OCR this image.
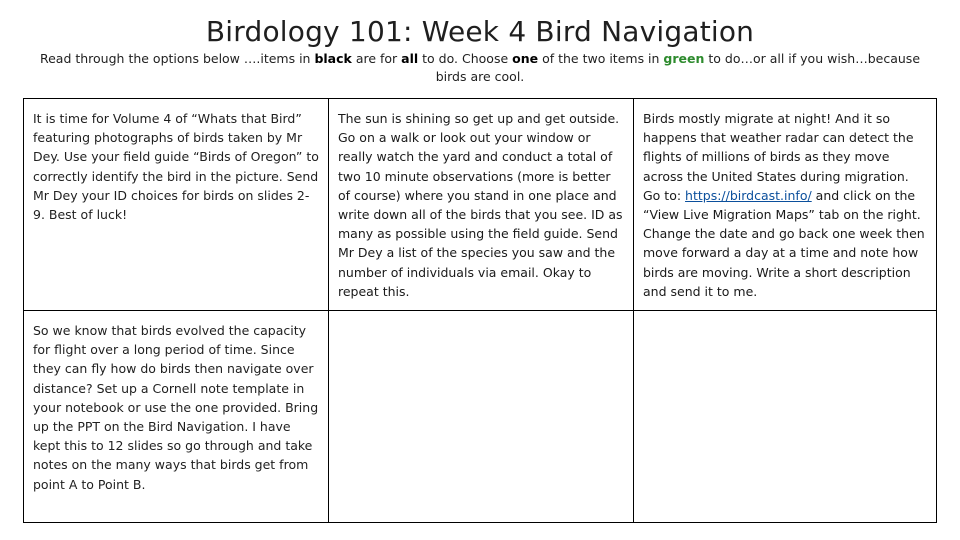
Birdology 101: Week 4 Bird Navigation
Read through the options below ….items in black are for all to do. Choose one of the two items in green to do…or all if you wish…because birds are cool.
It is time for Volume 4 of “Whats that Bird” featuring photographs of birds taken by Mr Dey. Use your field guide “Birds of Oregon” to correctly identify the bird in the picture. Send Mr Dey your ID choices for birds on slides 2-9. Best of luck!
The sun is shining so get up and get outside. Go on a walk or look out your window or really watch the yard and conduct a total of two 10 minute observations (more is better of course) where you stand in one place and write down all of the birds that you see. ID as many as possible using the field guide. Send Mr Dey a list of the species you saw and the number of individuals via email. Okay to repeat this.
Birds mostly migrate at night! And it so happens that weather radar can detect the flights of millions of birds as they move across the United States during migration. Go to: https://birdcast.info/ and click on the “View Live Migration Maps” tab on the right. Change the date and go back one week then move forward a day at a time and note how birds are moving. Write a short description and send it to me.
So we know that birds evolved the capacity for flight over a long period of time. Since they can fly how do birds then navigate over distance? Set up a Cornell note template in your notebook or use the one provided. Bring up the PPT on the Bird Navigation. I have kept this to 12 slides so go through and take notes on the many ways that birds get from point A to Point B.
